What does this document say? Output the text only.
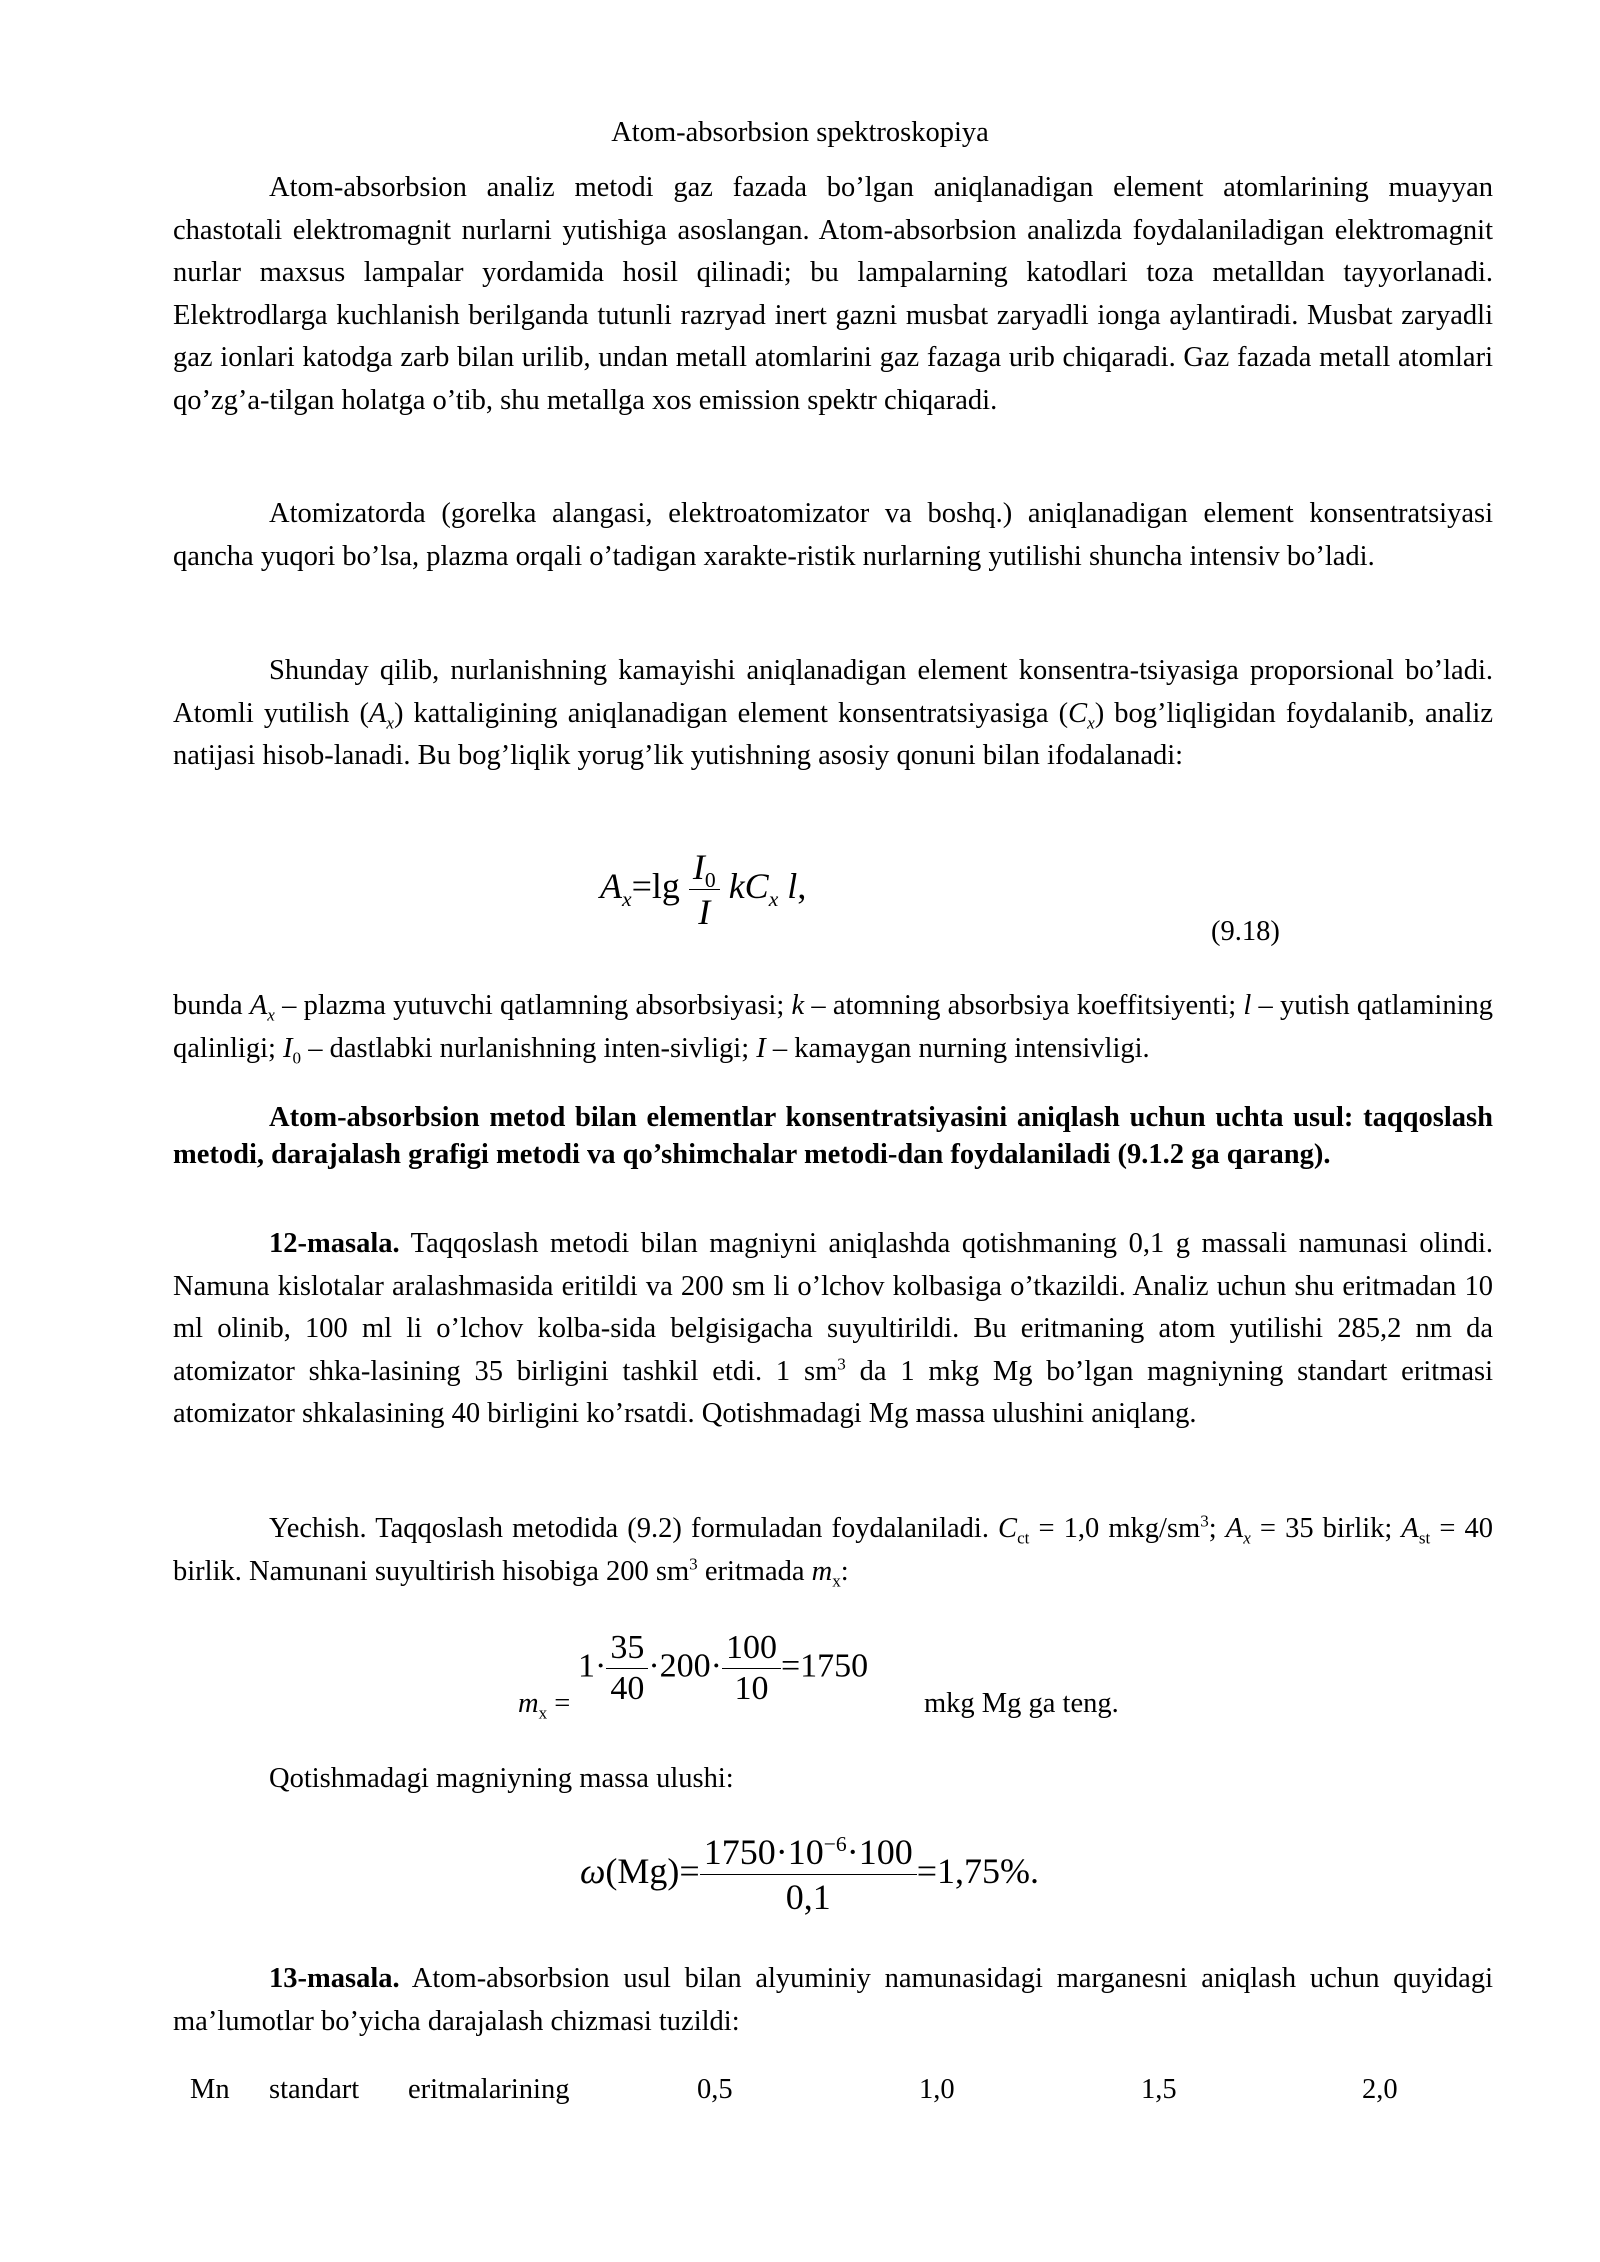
Atom-absorbsion spektroskopiya
Atom-absorbsion analiz metodi gaz fazada bo’lgan aniqlanadigan element atomlarining muayyan chastotali elektromagnit nurlarni yutishiga asoslangan. Atom-absorbsion analizda foydalaniladigan elektromagnit nurlar maxsus lampalar yordamida hosil qilinadi; bu lampalarning katodlari toza metalldan tayyorlanadi. Elektrodlarga kuchlanish berilganda tutunli razryad inert gazni musbat zaryadli ionga aylantiradi. Musbat zaryadli gaz ionlari katodga zarb bilan urilib, undan metall atomlarini gaz fazaga urib chiqaradi. Gaz fazada metall atomlari qo’zg’a-tilgan holatga o’tib, shu metallga xos emission spektr chiqaradi.
Atomizatorda (gorelka alangasi, elektroatomizator va boshq.) aniqlanadigan element konsentratsiyasi qancha yuqori bo’lsa, plazma orqali o’tadigan xarakte-ristik nurlarning yutilishi shuncha intensiv bo’ladi.
Shunday qilib, nurlanishning kamayishi aniqlanadigan element konsentra-tsiyasiga proporsional bo’ladi. Atomli yutilish $(A_x)$ kattaligining aniqlanadigan element konsentratsiyasiga $(C_x)$ bog’liqligidan foydalanib, analiz natijasi hisob-lanadi. Bu bog’liqlik yorug’lik yutishning asosiy qonuni bilan ifodalanadi:
$A_x=\lg \frac{I_0}{I} kC_x$ l,
(9.18)
bunda $A_x$ – plazma yutuvchi qatlamning absorbsiyasi; k – atomning absorbsiya koeffitsiyenti; l – yutish qatlamining qalinligi; $I_0$ – dastlabki nurlanishning inten-sivligi; I – kamaygan nurning intensivligi.
Atom-absorbsion metod bilan elementlar konsentratsiyasini aniqlash uchun uchta usul: taqqoslash metodi, darajalash grafigi metodi va qo’shimchalar metodi-dan foydalaniladi (9.1.2 ga qarang).
12-masala. Taqqoslash metodi bilan magniyni aniqlashda qotishmaning 0,1 g massali namunasi olindi. Namuna kislotalar aralashmasida eritildi va 200 sm li o’lchov kolbasiga o’tkazildi. Analiz uchun shu eritmadan 10 ml olinib, 100 ml li o’lchov kolba-sida belgisigacha suyultirildi. Bu eritmaning atom yutilishi 285,2 nm da atomizator shka-lasining 35 birligini tashkil etdi. 1 $sm^3$ da 1 mkg Mg bo’lgan magniyning standart eritmasi atomizator shkalasining 40 birligini ko’rsatdi. Qotishmadagi Mg massa ulushini aniqlang.
Yechish. Taqqoslash metodida (9.2) formuladan foydalaniladi. $C_{ct} = 1,0$ mkg/$sm^3$; $A_x = 35$ birlik; $A_{st} = 40$ birlik. Namunani suyultirish hisobiga 200 $sm^3$ eritmada $m_x$:
$m_x$ =
$1\cdot \frac{35}{40} \cdot 200\cdot \frac{100}{10} =1750$
mkg Mg ga teng.
Qotishmadagi magniyning massa ulushi:
$\omega(Mg)= \frac{1750\cdot 10^{-6}\cdot 100}{0,1} =1,75\%$.
13-masala. Atom-absorbsion usul bilan alyuminiy namunasidagi marganesni aniqlash uchun quyidagi ma’lumotlar bo’yicha darajalash chizmasi tuzildi:
Mn standart eritmalarining	0,5	1,0	1,5	2,0
